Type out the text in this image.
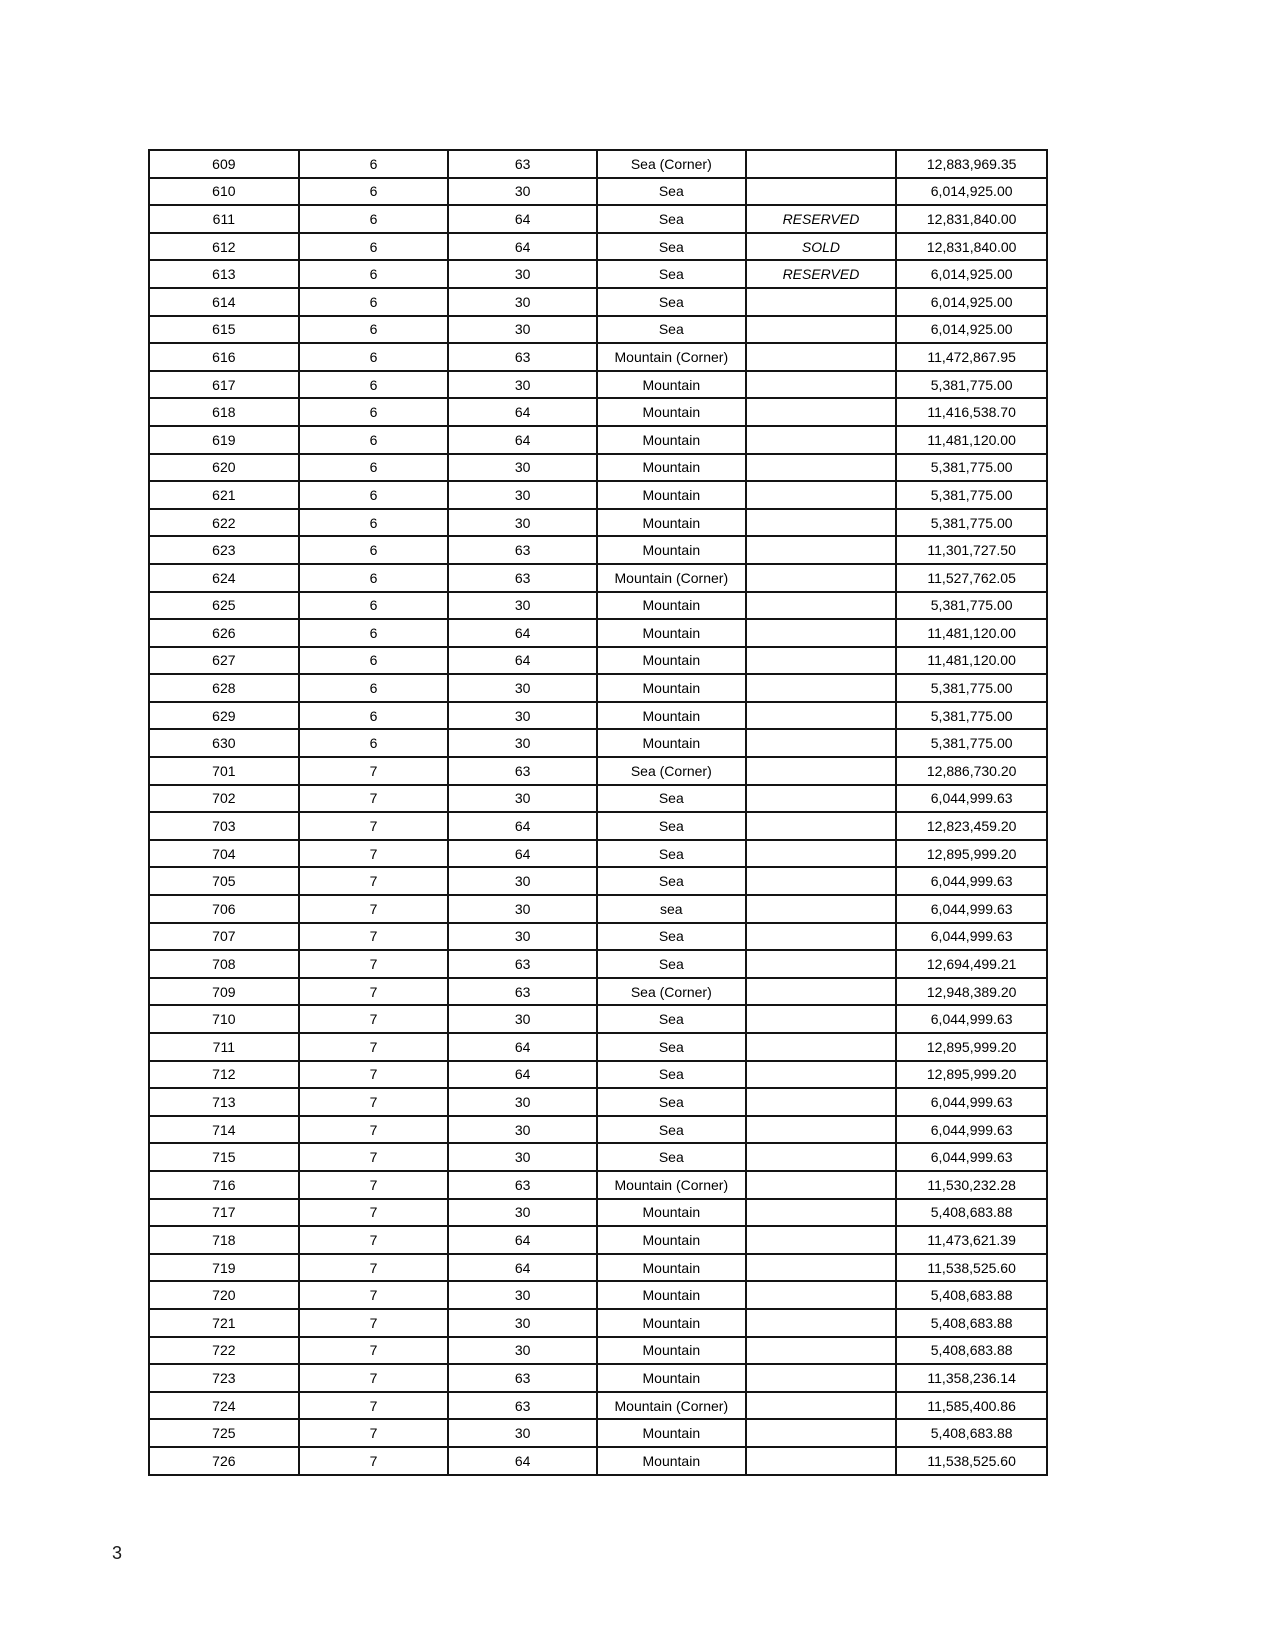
609	6	63	Sea (Corner)		12,883,969.35
610	6	30	Sea		6,014,925.00
611	6	64	Sea	RESERVED	12,831,840.00
612	6	64	Sea	SOLD	12,831,840.00
613	6	30	Sea	RESERVED	6,014,925.00
614	6	30	Sea		6,014,925.00
615	6	30	Sea		6,014,925.00
616	6	63	Mountain (Corner)		11,472,867.95
617	6	30	Mountain		5,381,775.00
618	6	64	Mountain		11,416,538.70
619	6	64	Mountain		11,481,120.00
620	6	30	Mountain		5,381,775.00
621	6	30	Mountain		5,381,775.00
622	6	30	Mountain		5,381,775.00
623	6	63	Mountain		11,301,727.50
624	6	63	Mountain (Corner)		11,527,762.05
625	6	30	Mountain		5,381,775.00
626	6	64	Mountain		11,481,120.00
627	6	64	Mountain		11,481,120.00
628	6	30	Mountain		5,381,775.00
629	6	30	Mountain		5,381,775.00
630	6	30	Mountain		5,381,775.00
701	7	63	Sea (Corner)		12,886,730.20
702	7	30	Sea		6,044,999.63
703	7	64	Sea		12,823,459.20
704	7	64	Sea		12,895,999.20
705	7	30	Sea		6,044,999.63
706	7	30	sea		6,044,999.63
707	7	30	Sea		6,044,999.63
708	7	63	Sea		12,694,499.21
709	7	63	Sea (Corner)		12,948,389.20
710	7	30	Sea		6,044,999.63
711	7	64	Sea		12,895,999.20
712	7	64	Sea		12,895,999.20
713	7	30	Sea		6,044,999.63
714	7	30	Sea		6,044,999.63
715	7	30	Sea		6,044,999.63
716	7	63	Mountain (Corner)		11,530,232.28
717	7	30	Mountain		5,408,683.88
718	7	64	Mountain		11,473,621.39
719	7	64	Mountain		11,538,525.60
720	7	30	Mountain		5,408,683.88
721	7	30	Mountain		5,408,683.88
722	7	30	Mountain		5,408,683.88
723	7	63	Mountain		11,358,236.14
724	7	63	Mountain (Corner)		11,585,400.86
725	7	30	Mountain		5,408,683.88
726	7	64	Mountain		11,538,525.60
3
